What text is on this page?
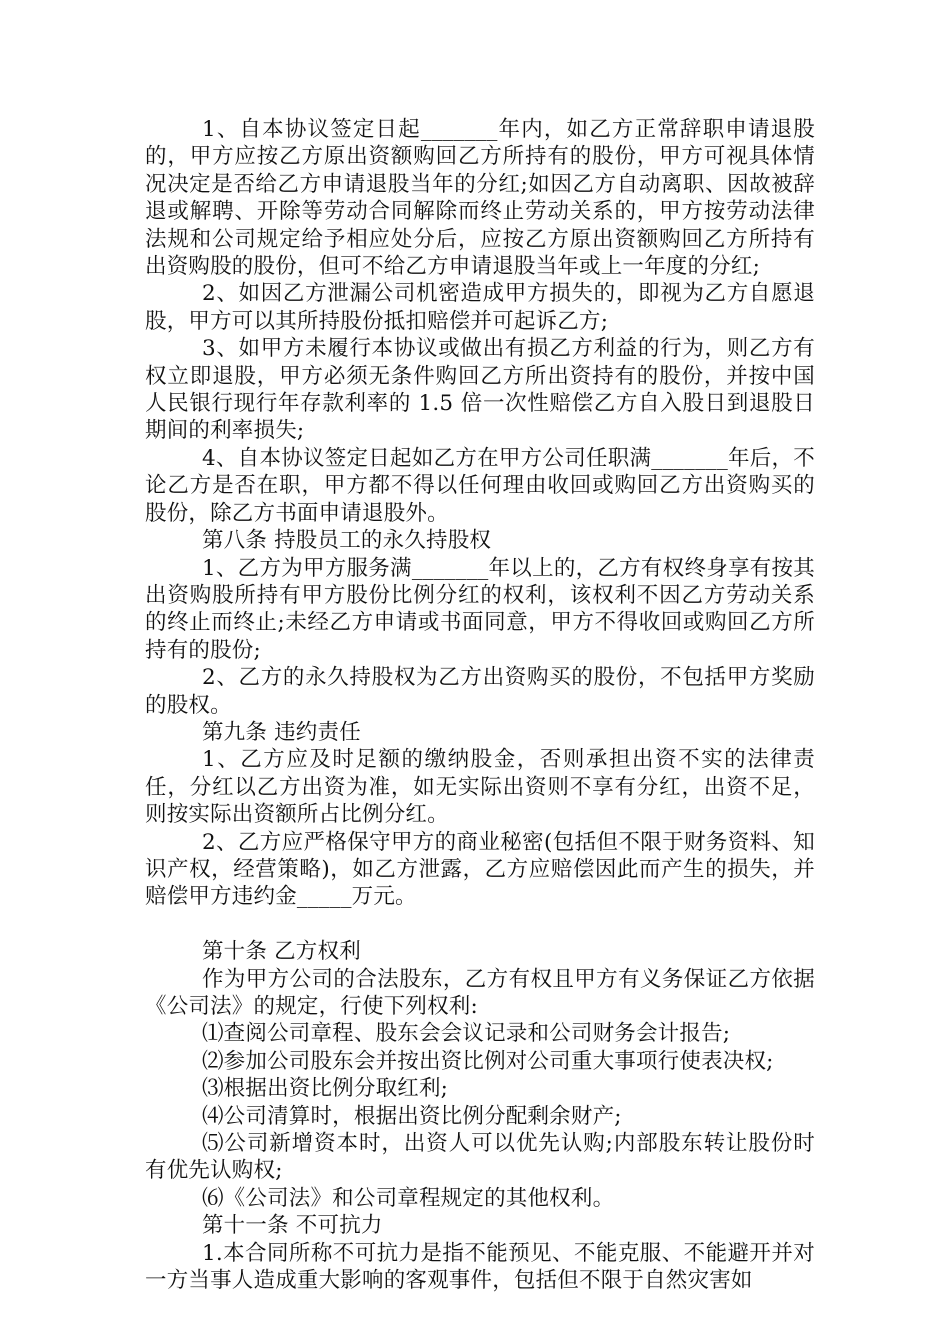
1、自本协议签定日起_______年内，如乙方正常辞职申请退股的，甲方应按乙方原出资额购回乙方所持有的股份，甲方可视具体情况决定是否给乙方申请退股当年的分红;如因乙方自动离职、因故被辞退或解聘、开除等劳动合同解除而终止劳动关系的，甲方按劳动法律法规和公司规定给予相应处分后，应按乙方原出资额购回乙方所持有出资购股的股份，但可不给乙方申请退股当年或上一年度的分红;

2、如因乙方泄漏公司机密造成甲方损失的，即视为乙方自愿退股，甲方可以其所持股份抵扣赔偿并可起诉乙方;

3、如甲方未履行本协议或做出有损乙方利益的行为，则乙方有权立即退股，甲方必须无条件购回乙方所出资持有的股份，并按中国人民银行现行年存款利率的 1.5 倍一次性赔偿乙方自入股日到退股日期间的利率损失;

4、自本协议签定日起如乙方在甲方公司任职满_______年后，不论乙方是否在职，甲方都不得以任何理由收回或购回乙方出资购买的股份，除乙方书面申请退股外。

第八条 持股员工的永久持股权

1、乙方为甲方服务满_______年以上的，乙方有权终身享有按其出资购股所持有甲方股份比例分红的权利，该权利不因乙方劳动关系的终止而终止;未经乙方申请或书面同意，甲方不得收回或购回乙方所持有的股份;

2、乙方的永久持股权为乙方出资购买的股份，不包括甲方奖励的股权。

第九条 违约责任

1、乙方应及时足额的缴纳股金，否则承担出资不实的法律责任，分红以乙方出资为准，如无实际出资则不享有分红，出资不足，则按实际出资额所占比例分红。

2、乙方应严格保守甲方的商业秘密(包括但不限于财务资料、知识产权，经营策略)，如乙方泄露，乙方应赔偿因此而产生的损失，并赔偿甲方违约金_____万元。

第十条 乙方权利

作为甲方公司的合法股东，乙方有权且甲方有义务保证乙方依据《公司法》的规定，行使下列权利:

⑴查阅公司章程、股东会会议记录和公司财务会计报告;

⑵参加公司股东会并按出资比例对公司重大事项行使表决权;

⑶根据出资比例分取红利;

⑷公司清算时，根据出资比例分配剩余财产;

⑸公司新增资本时，出资人可以优先认购;内部股东转让股份时有优先认购权;

⑹《公司法》和公司章程规定的其他权利。

第十一条 不可抗力

1.本合同所称不可抗力是指不能预见、不能克服、不能避开并对一方当事人造成重大影响的客观事件，包括但不限于自然灾害如
